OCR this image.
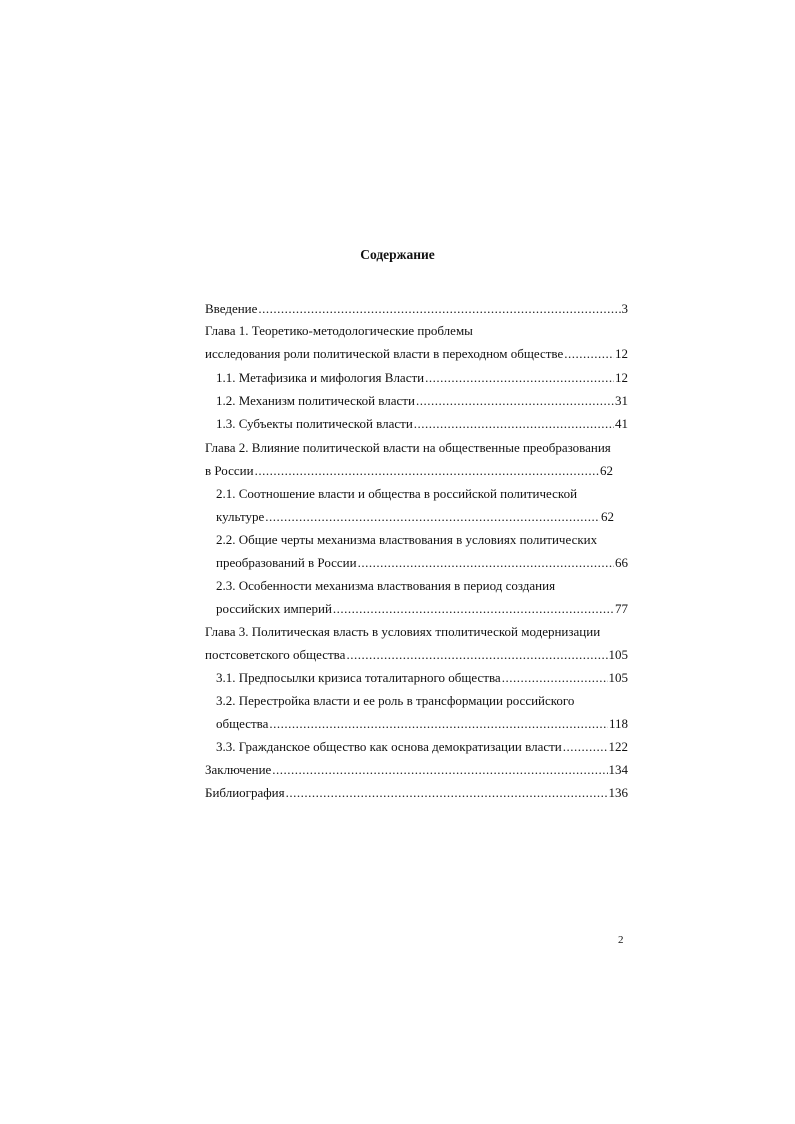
Содержание
Введение .....	3
Глава 1. Теоретико-методологические проблемы
исследования роли политической власти в переходном обществе .....	12
1.1. Метафизика и мифология Власти .....	12
1.2. Механизм политической власти .....	31
1.3. Субъекты политической власти .....	41
Глава 2. Влияние политической власти на общественные преобразования
в России .....	62
2.1. Соотношение власти и общества в российской политической
культуре .....	62
2.2. Общие черты механизма властвования в условиях политических
преобразований в России .....	66
2.3. Особенности механизма властвования в период создания
российских империй .....	77
Глава 3. Политическая власть в условиях тполитической модернизации
постсоветского общества .....	105
3.1. Предпосылки кризиса тоталитарного общества .....	105
3.2. Перестройка власти и ее роль в трансформации российского
общества .....	118
3.3. Гражданское общество как основа демократизации власти .....	122
Заключение .....	134
Библиография .....	136
2
